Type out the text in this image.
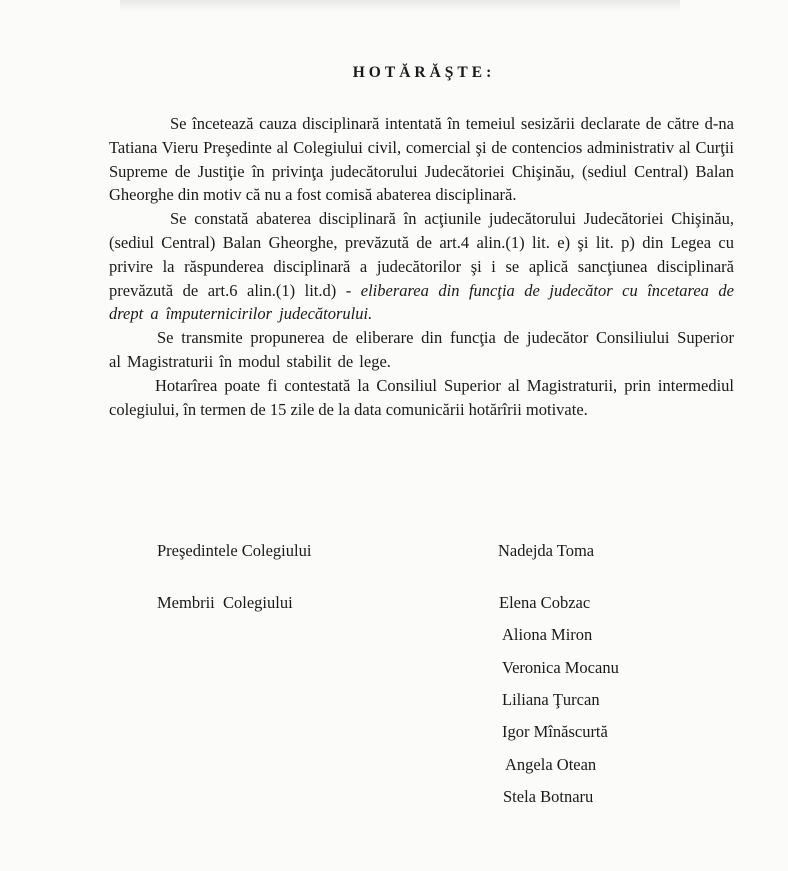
HOTĂRĂŞTE:

Se încetează cauza disciplinară intentată în temeiul sesizării declarate de către d-na Tatiana Vieru Preşedinte al Colegiului civil, comercial şi de contencios administrativ al Curţii Supreme de Justiţie în privinţa judecătorului Judecătoriei Chişinău, (sediul Central) Balan Gheorghe din motiv că nu a fost comisă abaterea disciplinară.

Se constată abaterea disciplinară în acţiunile judecătorului Judecătoriei Chişinău, (sediul Central) Balan Gheorghe, prevăzută de art.4 alin.(1) lit. e) şi lit. p) din Legea cu privire la răspunderea disciplinară a judecătorilor şi i se aplică sancţiunea disciplinară prevăzută de art.6 alin.(1) lit.d) - eliberarea din funcţia de judecător cu încetarea de drept a împuternicirilor judecătorului.

Se transmite propunerea de eliberare din funcţia de judecător Consiliului Superior al Magistraturii în modul stabilit de lege.

Hotarîrea poate fi contestată la Consiliul Superior al Magistraturii, prin intermediul colegiului, în termen de 15 zile de la data comunicării hotărîrii motivate.

Preşedintele Colegiului	Nadejda Toma
Membrii  Colegiului	Elena Cobzac
Aliona Miron
Veronica Mocanu
Liliana Ţurcan
Igor Mînăscurtă
Angela Otean
Stela Botnaru
